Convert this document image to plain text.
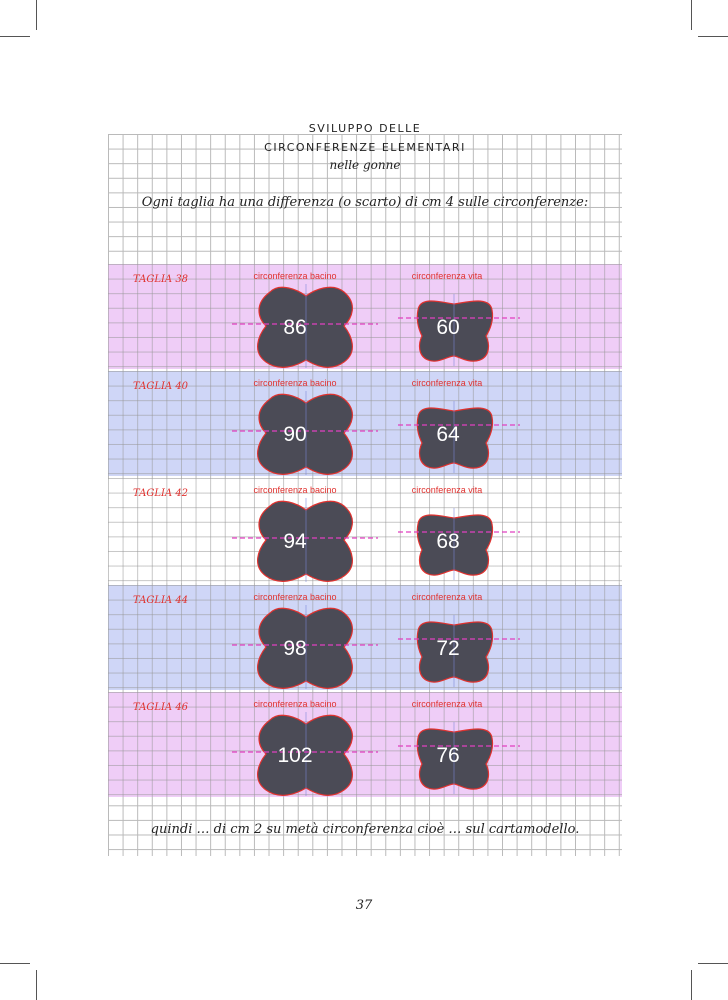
SVILUPPO DELLE
CIRCONFERENZE ELEMENTARI
nelle gonne
Ogni taglia ha una differenza (o scarto) di cm 4 sulle circonferenze:
TAGLIA 38	circonferenza bacino	circonferenza vita
86	60
TAGLIA 40	circonferenza bacino	circonferenza vita
90	64
TAGLIA 42	circonferenza bacino	circonferenza vita
94	68
TAGLIA 44	circonferenza bacino	circonferenza vita
98	72
TAGLIA 46	circonferenza bacino	circonferenza vita
102	76
quindi … di cm 2 su metà circonferenza cioè … sul cartamodello.
37
